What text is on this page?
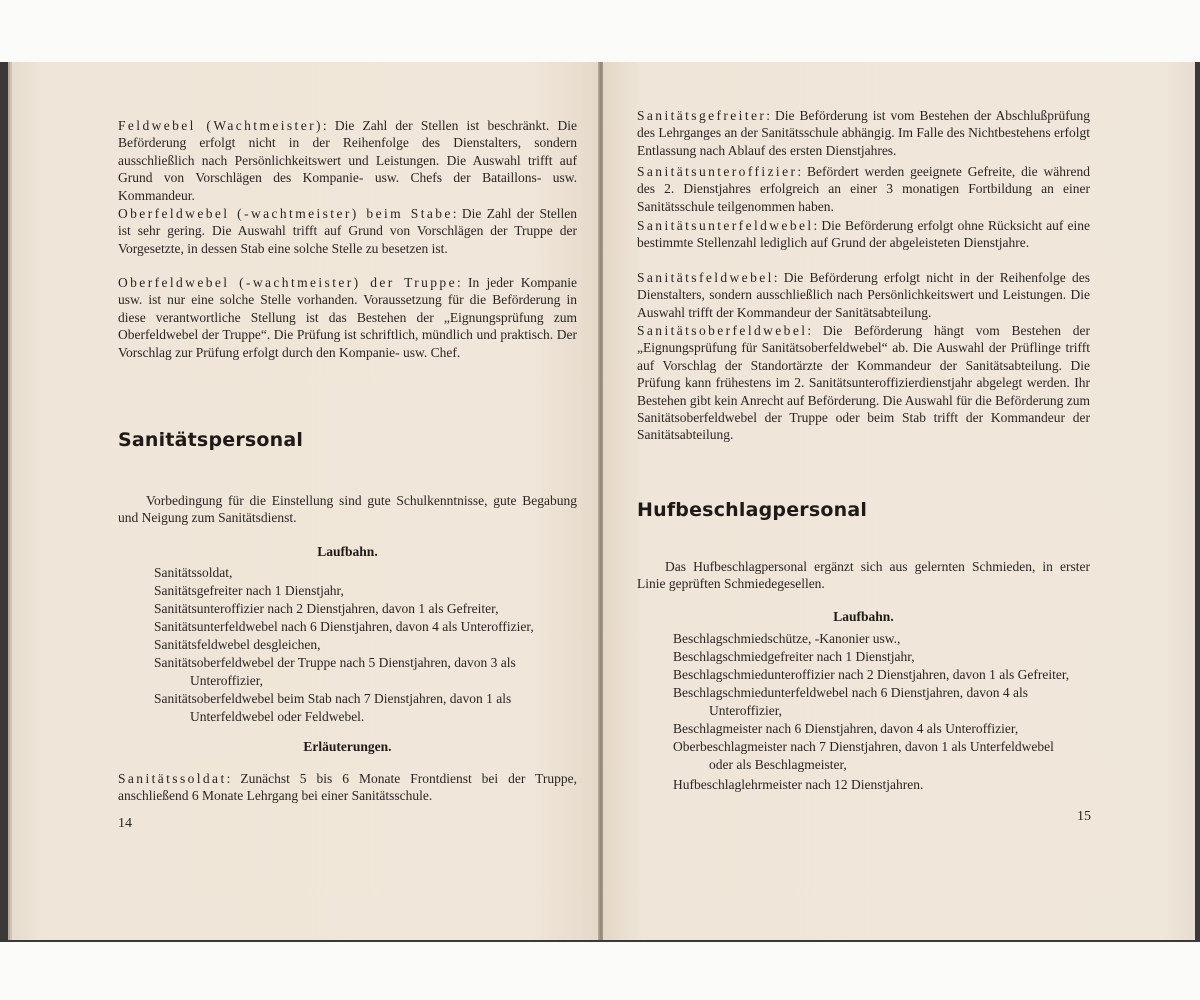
Feldwebel (Wachtmeister): Die Zahl der Stellen ist beschränkt. Die Beförderung erfolgt nicht in der Reihenfolge des Dienstalters, sondern ausschließlich nach Persönlichkeitswert und Leistungen. Die Auswahl trifft auf Grund von Vorschlägen des Kompanie- usw. Chefs der Bataillons- usw. Kommandeur.

Oberfeldwebel (-wachtmeister) beim Stabe: Die Zahl der Stellen ist sehr gering. Die Auswahl trifft auf Grund von Vorschlägen der Truppe der Vorgesetzte, in dessen Stab eine solche Stelle zu besetzen ist.

Oberfeldwebel (-wachtmeister) der Truppe: In jeder Kompanie usw. ist nur eine solche Stelle vorhanden. Voraussetzung für die Beförderung in diese verantwortliche Stellung ist das Bestehen der „Eignungsprüfung zum Oberfeldwebel der Truppe“. Die Prüfung ist schriftlich, mündlich und praktisch. Der Vorschlag zur Prüfung erfolgt durch den Kompanie- usw. Chef.

Sanitätspersonal
Vorbedingung für die Einstellung sind gute Schulkenntnisse, gute Begabung und Neigung zum Sanitätsdienst.
Laufbahn.
Sanitätssoldat,
Sanitätsgefreiter nach 1 Dienstjahr,
Sanitätsunteroffizier nach 2 Dienstjahren, davon 1 als Gefreiter,
Sanitätsunterfeldwebel nach 6 Dienstjahren, davon 4 als Unteroffizier,
Sanitätsfeldwebel desgleichen,
Sanitätsoberfeldwebel der Truppe nach 5 Dienstjahren, davon 3 als
Unteroffizier,
Sanitätsoberfeldwebel beim Stab nach 7 Dienstjahren, davon 1 als
Unterfeldwebel oder Feldwebel.
Erläuterungen.

Sanitätssoldat: Zunächst 5 bis 6 Monate Frontdienst bei der Truppe, anschließend 6 Monate Lehrgang bei einer Sanitätsschule.

14

Sanitätsgefreiter: Die Beförderung ist vom Bestehen der Abschlußprüfung des Lehrganges an der Sanitätsschule abhängig. Im Falle des Nichtbestehens erfolgt Entlassung nach Ablauf des ersten Dienstjahres.

Sanitätsunteroffizier: Befördert werden geeignete Gefreite, die während des 2. Dienstjahres erfolgreich an einer 3 monatigen Fortbildung an einer Sanitätsschule teilgenommen haben.

Sanitätsunterfeldwebel: Die Beförderung erfolgt ohne Rücksicht auf eine bestimmte Stellenzahl lediglich auf Grund der abgeleisteten Dienstjahre.

Sanitätsfeldwebel: Die Beförderung erfolgt nicht in der Reihenfolge des Dienstalters, sondern ausschließlich nach Persönlichkeitswert und Leistungen. Die Auswahl trifft der Kommandeur der Sanitätsabteilung.

Sanitätsoberfeldwebel: Die Beförderung hängt vom Bestehen der „Eignungsprüfung für Sanitätsoberfeldwebel“ ab. Die Auswahl der Prüflinge trifft auf Vorschlag der Standortärzte der Kommandeur der Sanitätsabteilung. Die Prüfung kann frühestens im 2. Sanitätsunteroffizierdienstjahr abgelegt werden. Ihr Bestehen gibt kein Anrecht auf Beförderung. Die Auswahl für die Beförderung zum Sanitätsoberfeldwebel der Truppe oder beim Stab trifft der Kommandeur der Sanitätsabteilung.

Hufbeschlagpersonal
Das Hufbeschlagpersonal ergänzt sich aus gelernten Schmieden, in erster Linie geprüften Schmiedegesellen.
Laufbahn.
Beschlagschmiedschütze, -Kanonier usw.,
Beschlagschmiedgefreiter nach 1 Dienstjahr,
Beschlagschmiedunteroffizier nach 2 Dienstjahren, davon 1 als Gefreiter,
Beschlagschmiedunterfeldwebel nach 6 Dienstjahren, davon 4 als
Unteroffizier,
Beschlagmeister nach 6 Dienstjahren, davon 4 als Unteroffizier,
Oberbeschlagmeister nach 7 Dienstjahren, davon 1 als Unterfeldwebel
oder als Beschlagmeister,
Hufbeschlaglehrmeister nach 12 Dienstjahren.
15
